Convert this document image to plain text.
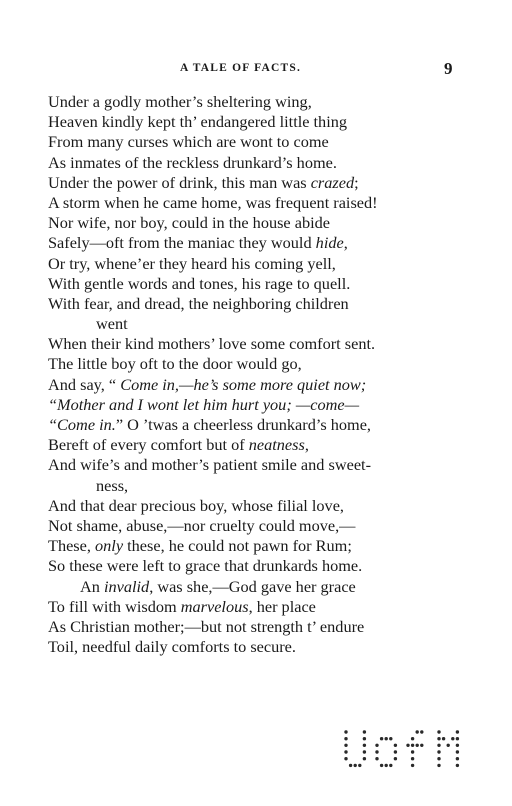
A TALE OF FACTS.	9
Under a godly mother’s sheltering wing,
Heaven kindly kept th’ endangered little thing
From many curses which are wont to come
As inmates of the reckless drunkard’s home.
Under the power of drink, this man was crazed;
A storm when he came home, was frequent raised!
Nor wife, nor boy, could in the house abide
Safely—oft from the maniac they would hide,
Or try, whene’er they heard his coming yell,
With gentle words and tones, his rage to quell.
With fear, and dread, the neighboring children
went
When their kind mothers’ love some comfort sent.
The little boy oft to the door would go,
And say, “ Come in,—he’s some more quiet now;
“Mother and I wont let him hurt you; —come—
“Come in.” O ’twas a cheerless drunkard’s home,
Bereft of every comfort but of neatness,
And wife’s and mother’s patient smile and sweet-
ness,
And that dear precious boy, whose filial love,
Not shame, abuse,—nor cruelty could move,—
These, only these, he could not pawn for Rum;
So these were left to grace that drunkards home.
An invalid, was she,—God gave her grace
To fill with wisdom marvelous, her place
As Christian mother;—but not strength t’ endure
Toil, needful daily comforts to secure.
